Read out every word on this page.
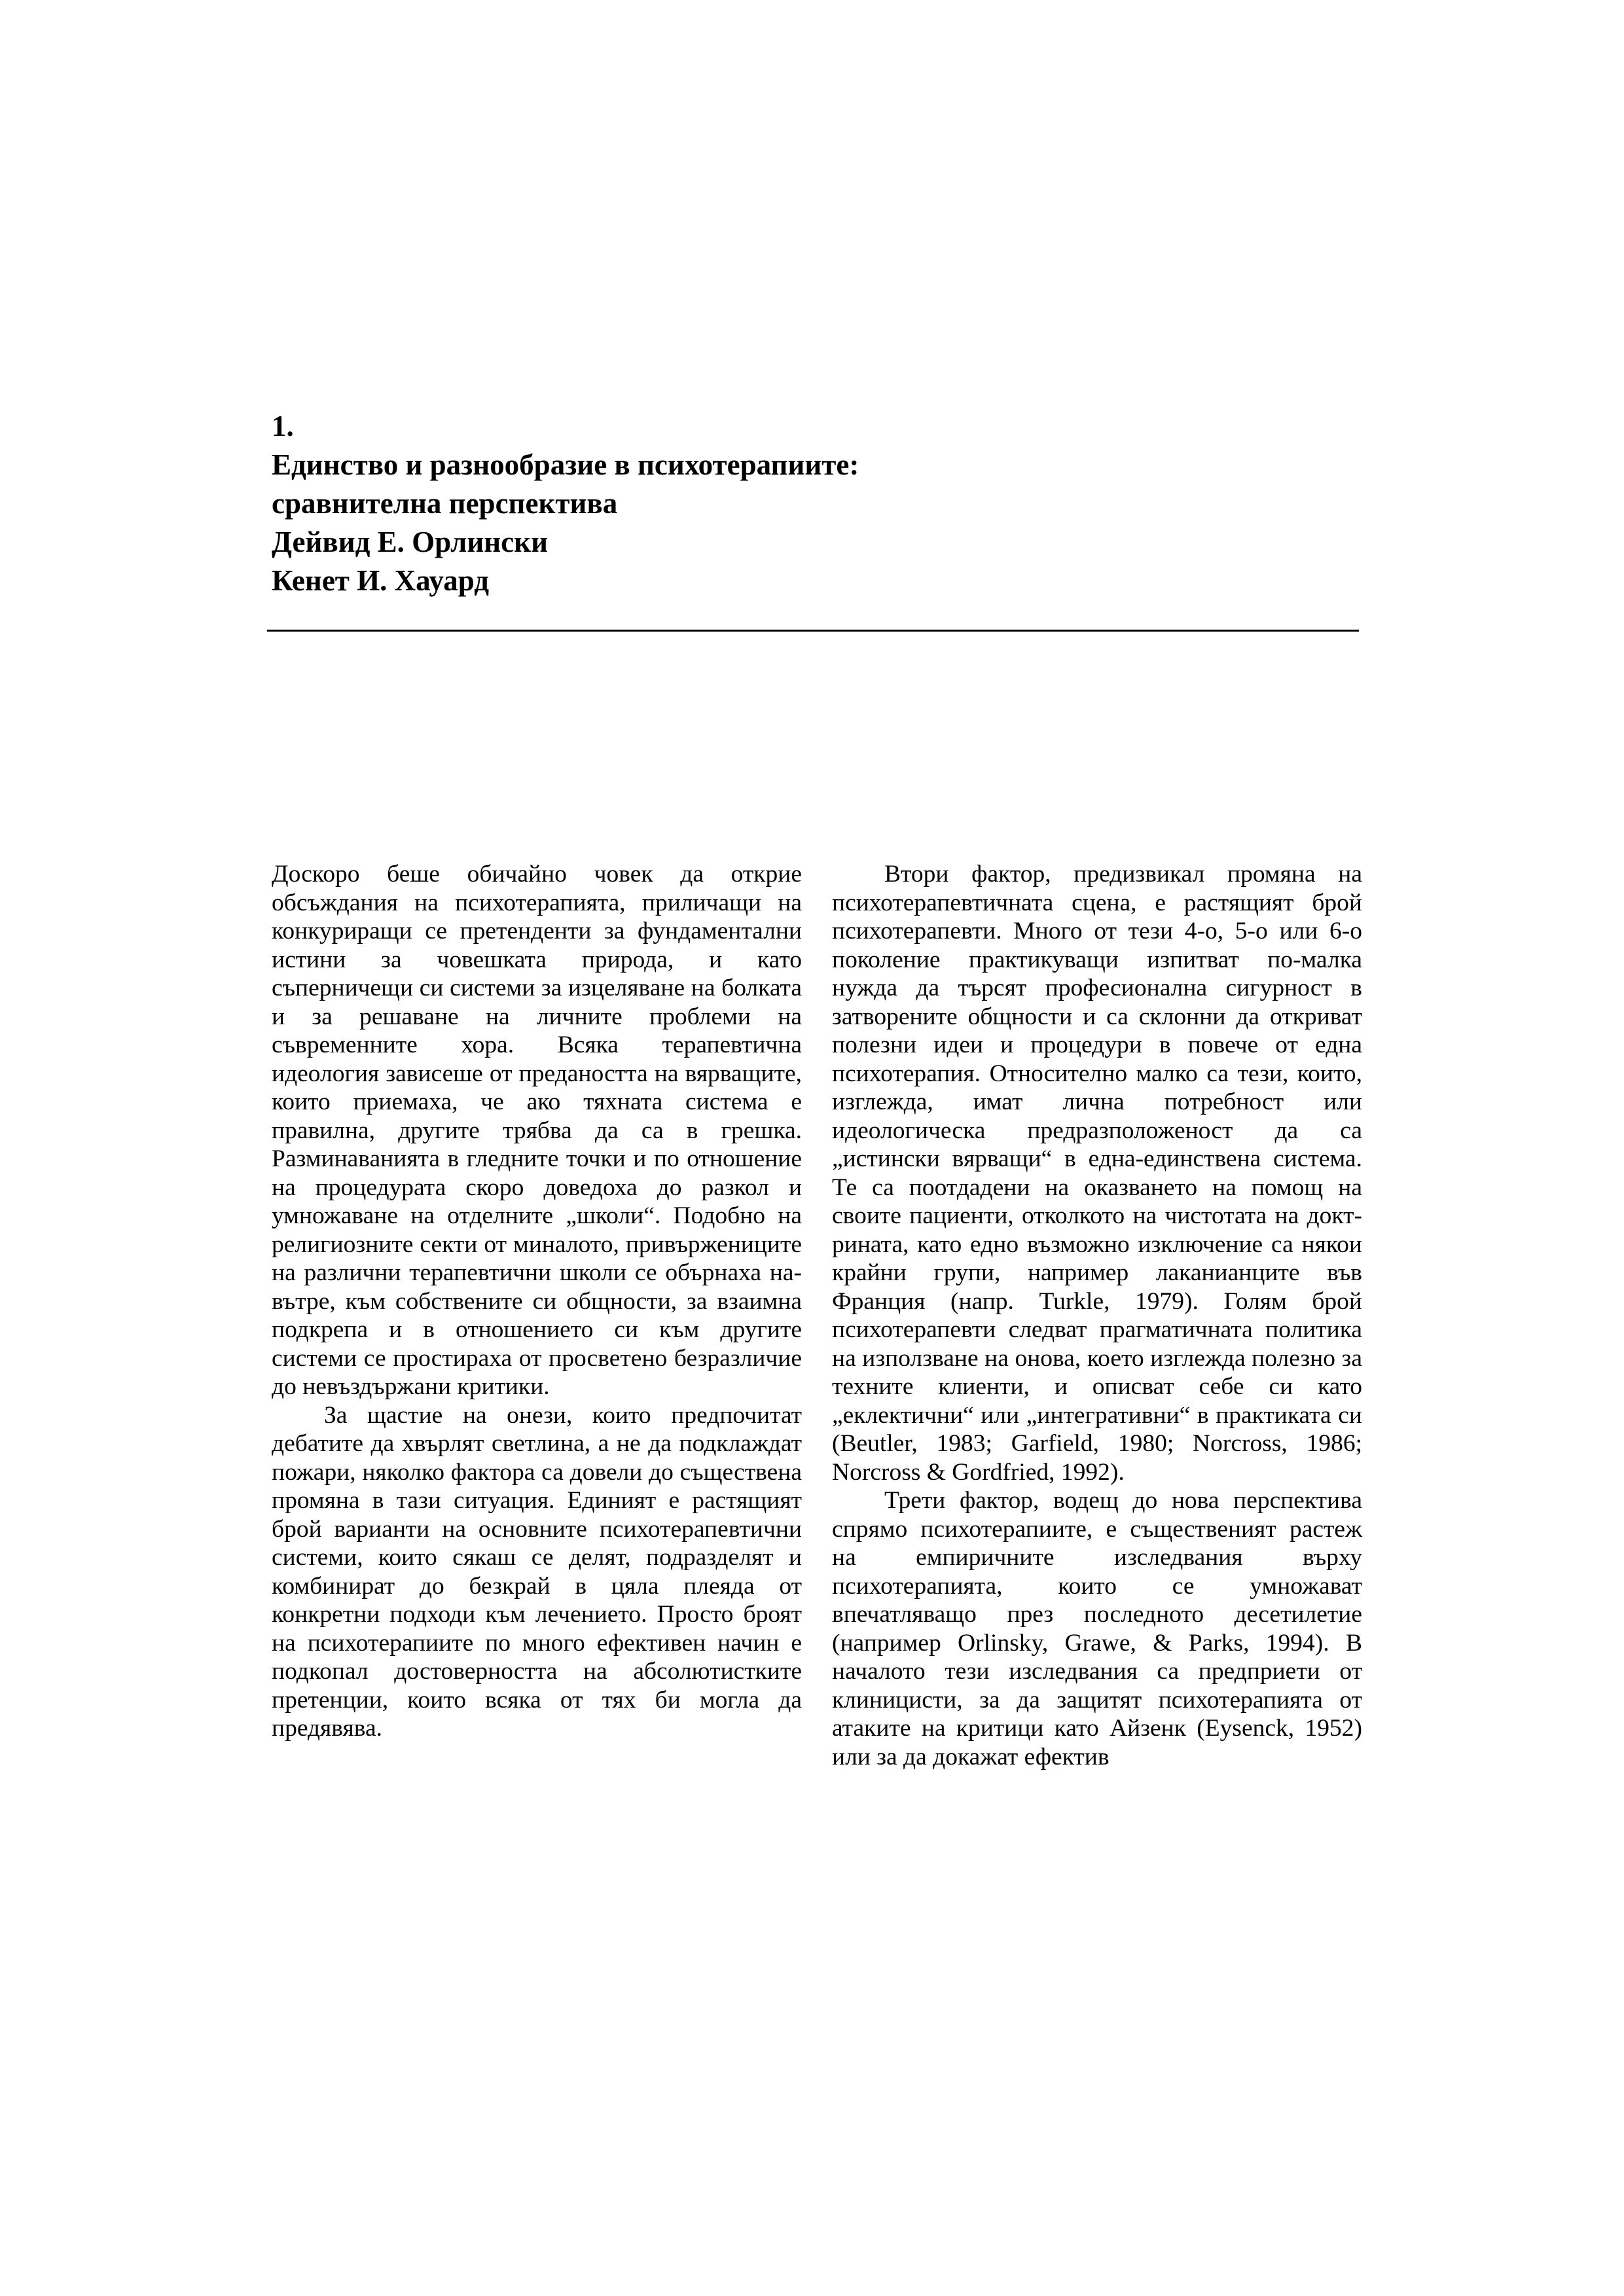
1.
Единство и разнообразие в психотерапиите:
сравнителна перспектива
Дейвид Е. Орлински
Кенет И. Хауард

Доскоро беше обичайно човек да открие обсъждания на психотерапията, приличащи на конкуриращи се претенденти за фундаментални истини за човешката природа, и като съперничещи си системи за изцеляване на болката и за решаване на личните проблеми на съвременните хора. Всяка терапевтична идеология зависеше от предаността на вярващите, които приемаха, че ако тяхната система е правилна, другите трябва да са в грешка. Разминаванията в гледните точки и по отношение на процедурата скоро доведоха до разкол и умножаване на отделните „школи“. Подобно на религиозните секти от миналото, привържениците на различни терапевтични школи се обърнаха навътре, към собствените си общности, за взаимна подкрепа и в отношението си към другите системи се простираха от просветено безразличие до невъздържани критики.

За щастие на онези, които предпочитат дебатите да хвърлят светлина, а не да подклаждат пожари, няколко фактора са довели до съществена промяна в тази ситуация. Единият е растящият брой варианти на основните психотерапевтични системи, които сякаш се делят, подразделят и комбинират до безкрай в цяла плеяда от конкретни подходи към лечението. Просто броят на психотерапиите по много ефективен начин е подкопал достоверността на абсолютистките претенции, които всяка от тях би могла да предявява.

Втори фактор, предизвикал промяна на психотерапевтичната сцена, е растящият брой психотерапевти. Много от тези 4-о, 5-о или 6-о поколение практикуващи изпитват по-малка нужда да търсят професионална сигурност в затворените общности и са склонни да откриват полезни идеи и процедури в повече от една психотерапия. Относително малко са тези, които, изглежда, имат лична потребност или идеологическа предразположеност да са „истински вярващи“ в една-единствена система. Те са поотдадени на оказването на помощ на своите пациенти, отколкото на чистотата на доктрината, като едно възможно изключение са някои крайни групи, например лаканианците във Франция (напр. Turkle, 1979). Голям брой психотерапевти следват прагматичната политика на използване на онова, което изглежда полезно за техните клиенти, и описват себе си като „еклектични“ или „интегративни“ в практиката си (Beutler, 1983; Garfield, 1980; Norcross, 1986; Norcross & Gordfried, 1992).

Трети фактор, водещ до нова перспектива спрямо психотерапиите, е същественият растеж на емпиричните изследвания върху психотерапията, които се умножават впечатляващо през последното десетилетие (например Orlinsky, Grawe, & Parks, 1994). В началото тези изследвания са предприети от клиницисти, за да защитят психотерапията от атаките на критици като Айзенк (Eysenck, 1952) или за да докажат ефектив
